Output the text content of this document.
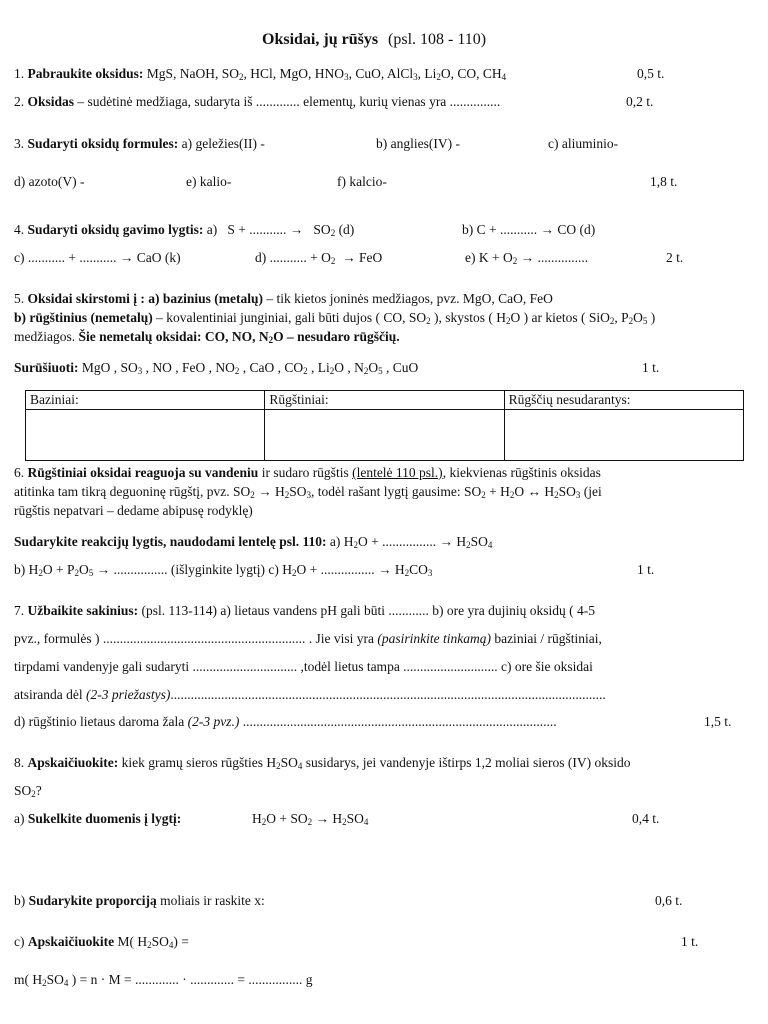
Oksidai, jų rūšys (psl. 108 - 110)
1. Pabraukite oksidus: MgS, NaOH, $SO_2$, HCl, MgO, $HNO_3$, CuO, AlCl$_3$, $Li_2O$, CO, $CH_4$	0,5 t.
2. Oksidas – sudėtinė medžiaga, sudaryta iš ............. elementų, kurių vienas yra ...............	0,2 t.
3. Sudaryti oksidų formules: a) geležies(II) -	b) anglies(IV) -	c) aliuminio-
d) azoto(V) -	e) kalio-	f) kalcio-	1,8 t.
4. Sudaryti oksidų gavimo lygtis: a) S + ........... → $SO_2$ (d)	b) C + ........... → CO (d)
c) ........... + ........... → CaO (k)	d) ........... + $O_2$ → FeO	e) $K + O_2$ → ...............	2 t.
5. Oksidai skirstomi į : a) bazinius (metalų) – tik kietos joninės medžiagos, pvz. MgO, CaO, FeO
b) rūgštinius (nemetalų) – kovalentiniai junginiai, gali būti dujos ( CO, $SO_2$ ), skystos ( $H_2O$ ) ar kietos ( SiO$_2$, $P_2O_5$ )
medžiagos. Šie nemetalų oksidai: CO, NO, $N_2O$ – nesudaro rūgščių.
Surūšiuoti: MgO , $SO_3$ , NO , FeO , $NO_2$ , CaO , $CO_2$ , $Li_2O$ , $N_2O_5$ , CuO	1 t.
Baziniai:	Rūgštiniai:	Rūgščių nesudarantys:

6. Rūgštiniai oksidai reaguoja su vandeniu ir sudaro rūgštis (lentelė 110 psl.), kiekvienas rūgštinis oksidas
atitinka tam tikrą deguoninę rūgštį, pvz. $SO_2 \to H_2SO_3$, todėl rašant lygtį gausime: $SO_2 + H_2O$ ↔ $H_2SO_3$ (jei
rūgštis nepatvari – dedame abipusę rodyklę)
Sudarykite reakcijų lygtis, naudodami lentelę psl. 110: a) $H_2O$ + ................ → $H_2SO_4$
b) $H_2O + P_2O_5$ → ................ (išlyginkite lygtį) c) $H_2O$ + ................ → $H_2CO_3$	1 t.
7. Užbaikite sakinius: (psl. 113-114) a) lietaus vandens pH gali būti ............ b) ore yra dujinių oksidų ( 4-5
pvz., formulės ) ............................................................ . Jie visi yra (pasirinkite tinkamą) baziniai / rūgštiniai,
tirpdami vandenyje gali sudaryti ............................... ,todėl lietus tampa ............................ c) ore šie oksidai
atsiranda dėl (2-3 priežastys).................................................................................................................................
d) rūgštinio lietaus daroma žala (2-3 pvz.) .............................................................................................	1,5 t.
8. Apskaičiuokite: kiek gramų sieros rūgšties $H_2SO_4$ susidarys, jei vandenyje ištirps 1,2 moliai sieros (IV) oksido
$SO_2$?
a) Sukelkite duomenis į lygtį:	$H_2O + SO_2 \to H_2SO_4$	0,4 t.
b) Sudarykite proporciją moliais ir raskite x:	0,6 t.
c) Apskaičiuokite M( $H_2SO_4$) =	1 t.
m( $H_2SO_4$ ) = n · M = ............. · ............. = ................ g
